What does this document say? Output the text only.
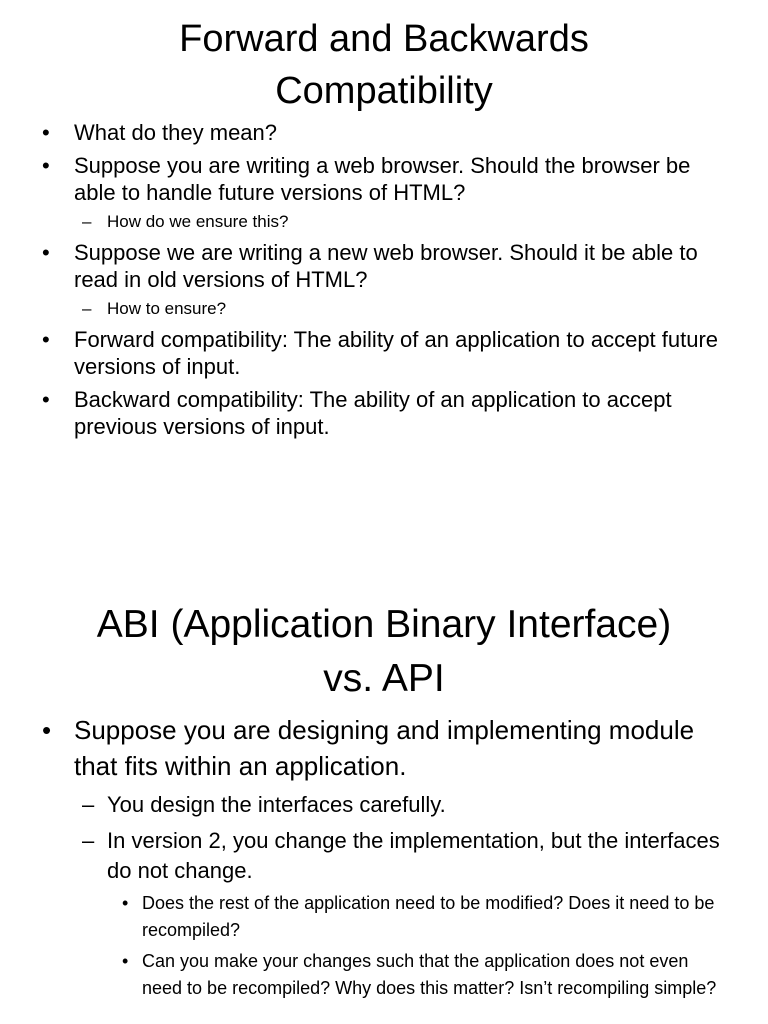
Forward and Backwards
Compatibility
• What do they mean?
• Suppose you are writing a web browser. Should the browser be able to handle future versions of HTML?
– How do we ensure this?
• Suppose we are writing a new web browser. Should it be able to read in old versions of HTML?
– How to ensure?
• Forward compatibility: The ability of an application to accept future versions of input.
• Backward compatibility: The ability of an application to accept previous versions of input.
ABI (Application Binary Interface)
vs. API
• Suppose you are designing and implementing module that fits within an application.
– You design the interfaces carefully.
– In version 2, you change the implementation, but the interfaces do not change.
• Does the rest of the application need to be modified? Does it need to be recompiled?
• Can you make your changes such that the application does not even need to be recompiled? Why does this matter? Isn’t recompiling simple?
